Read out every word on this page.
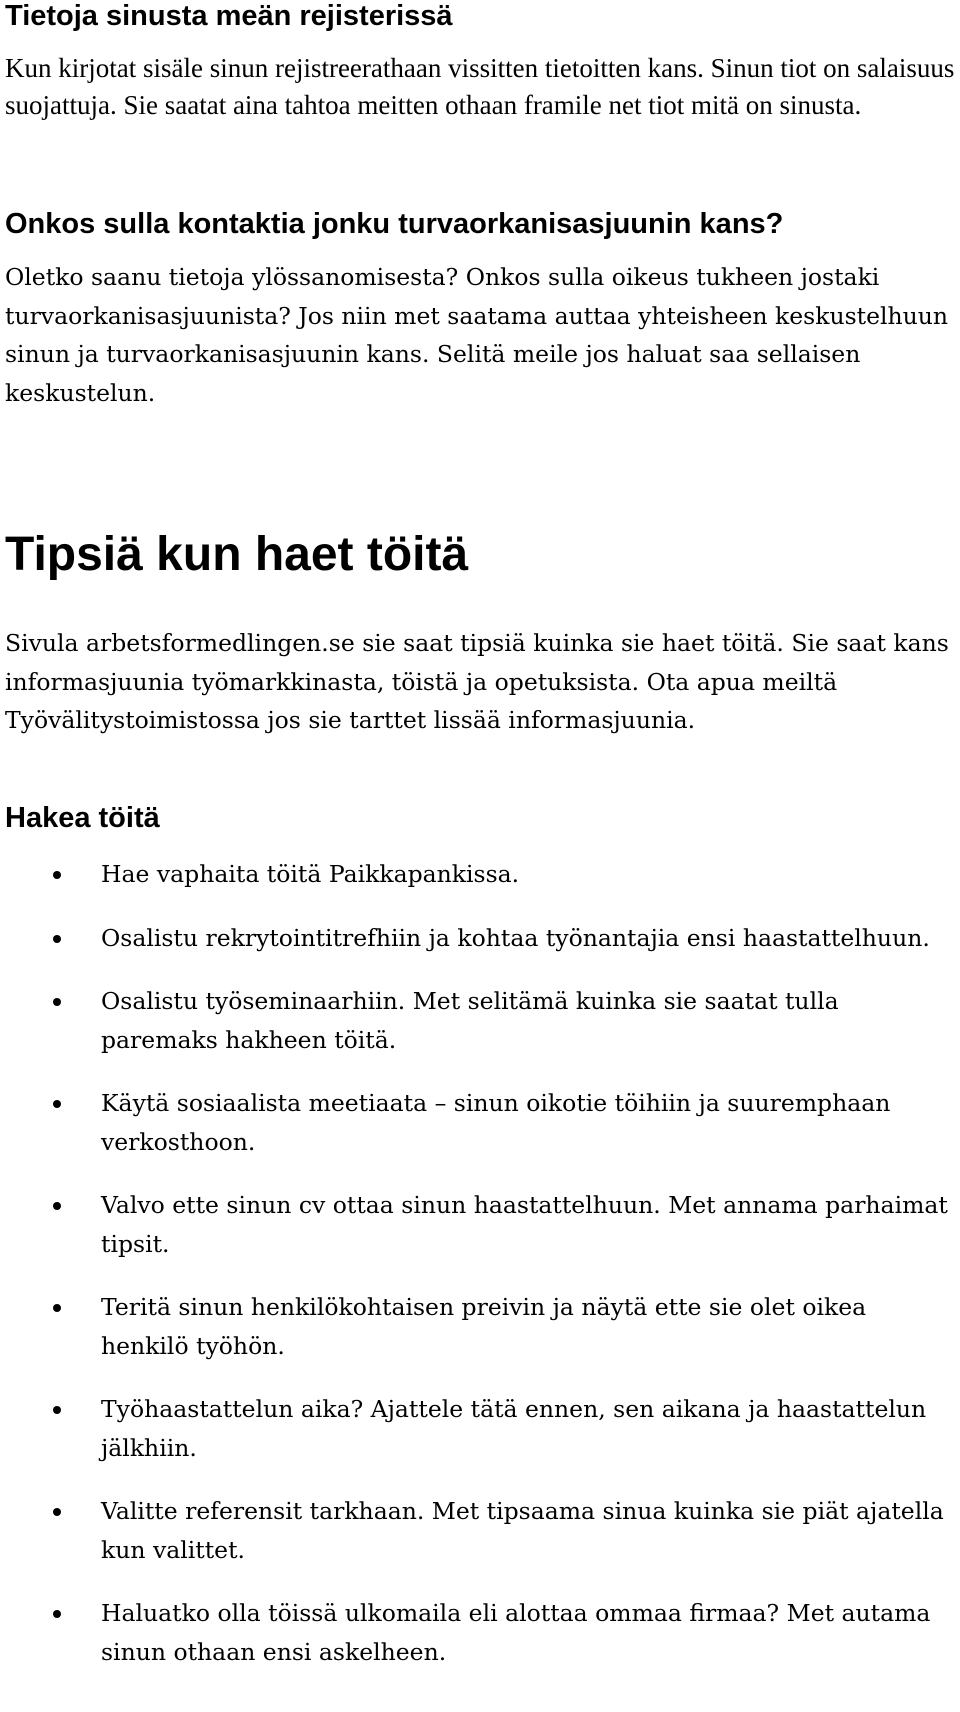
Tietoja sinusta meän rejisterissä

Kun kirjotat sisäle sinun rejistreerathaan vissitten tietoitten kans. Sinun tiot on salaisuus suojattuja. Sie saatat aina tahtoa meitten othaan framile net tiot mitä on sinusta.

Onkos sulla kontaktia jonku turvaorkanisasjuunin kans?

Oletko saanu tietoja ylössanomisesta? Onkos sulla oikeus tukheen jostaki turvaorkanisasjuunista? Jos niin met saatama auttaa yhteisheen keskustelhuun sinun ja turvaorkanisasjuunin kans. Selitä meile jos haluat saa sellaisen keskustelun.

Tipsiä kun haet töitä

Sivula arbetsformedlingen.se sie saat tipsiä kuinka sie haet töitä. Sie saat kans informasjuunia työmarkkinasta, töistä ja opetuksista. Ota apua meiltä Työvälitystoimistossa jos sie tarttet lissää informasjuunia.

Hakea töitä
Hae vaphaita töitä Paikkapankissa.
Osalistu rekrytointitrefhiin ja kohtaa työnantajia ensi haastattelhuun.
Osalistu työseminaarhiin. Met selitämä kuinka sie saatat tulla paremaks hakheen töitä.
Käytä sosiaalista meetiaata – sinun oikotie töihiin ja suuremphaan verkosthoon.
Valvo ette sinun cv ottaa sinun haastattelhuun. Met annama parhaimat tipsit.
Teritä sinun henkilökohtaisen preivin ja näytä ette sie olet oikea henkilö työhön.
Työhaastattelun aika? Ajattele tätä ennen, sen aikana ja haastattelun jälkhiin.
Valitte referensit tarkhaan. Met tipsaama sinua kuinka sie piät ajatella kun valittet.
Haluatko olla töissä ulkomaila eli alottaa ommaa firmaa? Met autama sinun othaan ensi askelheen.
